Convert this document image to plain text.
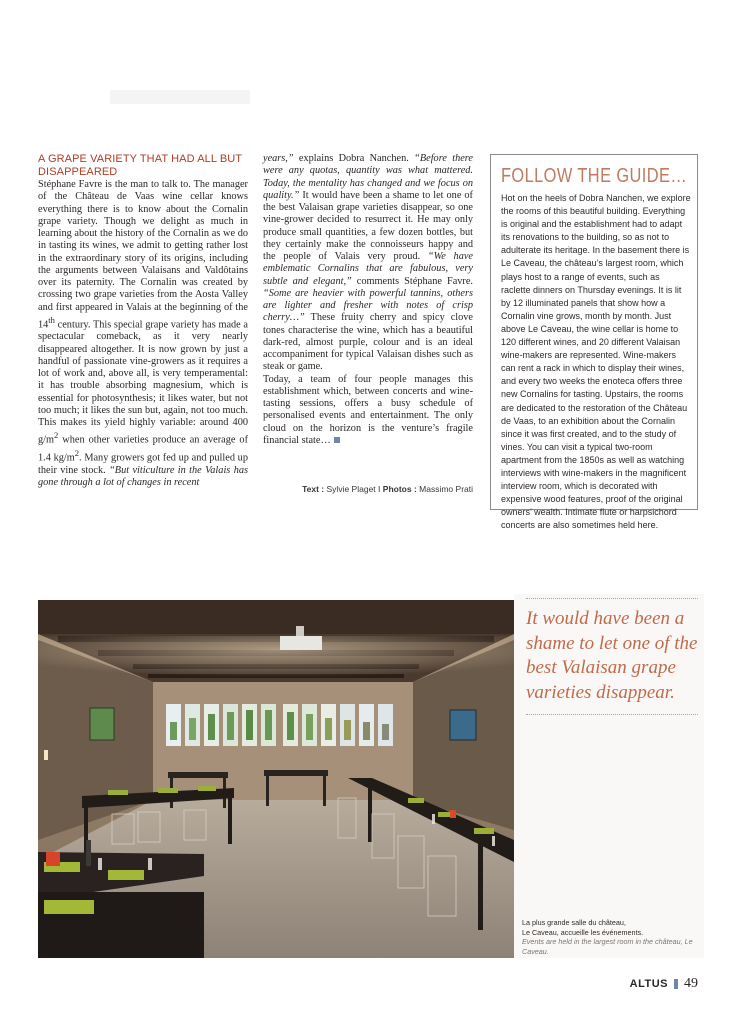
A GRAPE VARIETY THAT HAD ALL BUT DISAPPEARED

Stéphane Favre is the man to talk to. The manager of the Château de Vaas wine cellar knows everything there is to know about the Cornalin grape variety. Though we delight as much in learning about the history of the Cornalin as we do in tasting its wines, we admit to getting rather lost in the extraordinary story of its origins, including the arguments between Valaisans and Valdôtains over its paternity. The Cornalin was created by crossing two grape varieties from the Aosta Valley and first appeared in Valais at the beginning of the 14th century. This special grape variety has made a spectacular comeback, as it very nearly disappeared altogether. It is now grown by just a handful of passionate vine-growers as it requires a lot of work and, above all, is very temperamental: it has trouble absorbing magnesium, which is essential for photosynthesis; it likes water, but not too much; it likes the sun but, again, not too much. This makes its yield highly variable: around 400 $g/m^2$ when other varieties produce an average of 1.4 $kg/m^2$. Many growers got fed up and pulled up their vine stock. “But viticulture in the Valais has gone through a lot of changes in recent

years,” explains Dobra Nanchen. “Before there were any quotas, quantity was what mattered. Today, the mentality has changed and we focus on quality.” It would have been a shame to let one of the best Valaisan grape varieties disappear, so one vine-grower decided to resurrect it. He may only produce small quantities, a few dozen bottles, but they certainly make the connoisseurs happy and the people of Valais very proud. “We have emblematic Cornalins that are fabulous, very subtle and elegant,” comments Stéphane Favre. “Some are heavier with powerful tannins, others are lighter and fresher with notes of crisp cherry…” These fruity cherry and spicy clove tones characterise the wine, which has a beautiful dark-red, almost purple, colour and is an ideal accompaniment for typical Valaisan dishes such as steak or game.

Today, a team of four people manages this establishment which, between concerts and wine-tasting sessions, offers a busy schedule of personalised events and entertainment. The only cloud on the horizon is the venture’s fragile financial state…

Text : Sylvie Plaget I Photos : Massimo Prati
FOLLOW THE GUIDE…
Hot on the heels of Dobra Nanchen, we explore the rooms of this beautiful building. Everything is original and the establishment had to adapt its renovations to the building, so as not to adulterate its heritage. In the basement there is Le Caveau, the château’s largest room, which plays host to a range of events, such as raclette dinners on Thursday evenings. It is lit by 12 illuminated panels that show how a Cornalin vine grows, month by month. Just above Le Caveau, the wine cellar is home to 120 different wines, and 20 different Valaisan wine-makers are represented. Wine-makers can rent a rack in which to display their wines, and every two weeks the enoteca offers three new Cornalins for tasting. Upstairs, the rooms are dedicated to the restoration of the Château de Vaas, to an exhibition about the Cornalin since it was first created, and to the study of vines. You can visit a typical two-room apartment from the 1850s as well as watching interviews with wine-makers in the magnificent interview room, which is decorated with expensive wood features, proof of the original owners’ wealth. Intimate flute or harpsichord concerts are also sometimes held here.
It would have been a shame to let one of the best Valaisan grape varieties disappear.
La plus grande salle du château,
Le Caveau, accueille les événements.
Events are held in the largest room in the château, Le Caveau.
ALTUS 49
